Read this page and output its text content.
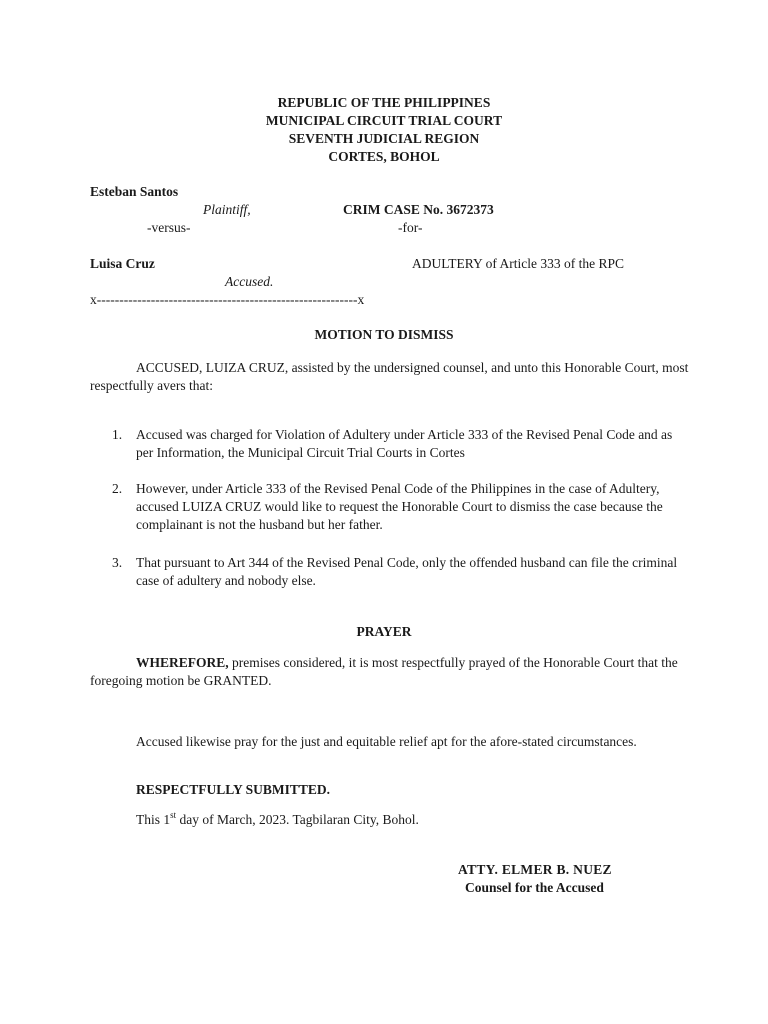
REPUBLIC OF THE PHILIPPINES
MUNICIPAL CIRCUIT TRIAL COURT
SEVENTH JUDICIAL REGION
CORTES, BOHOL
Esteban Santos
Plaintiff,	CRIM CASE No. 3672373
-versus-	-for-
Luisa Cruz	ADULTERY of Article 333 of the RPC
Accused.
x----------------------------------------------------------x
MOTION TO DISMISS
ACCUSED, LUIZA CRUZ, assisted by the undersigned counsel, and unto this Honorable Court, most respectfully avers that:
1. Accused was charged for Violation of Adultery under Article 333 of the Revised Penal Code and as per Information, the Municipal Circuit Trial Courts in Cortes
2. However, under Article 333 of the Revised Penal Code of the Philippines in the case of Adultery, accused LUIZA CRUZ would like to request the Honorable Court to dismiss the case because the complainant is not the husband but her father.
3. That pursuant to Art 344 of the Revised Penal Code, only the offended husband can file the criminal case of adultery and nobody else.
PRAYER
WHEREFORE, premises considered, it is most respectfully prayed of the Honorable Court that the foregoing motion be GRANTED.
Accused likewise pray for the just and equitable relief apt for the afore-stated circumstances.
RESPECTFULLY SUBMITTED.
This 1st day of March, 2023. Tagbilaran City, Bohol.
ATTY. ELMER B. NUEZ
Counsel for the Accused
